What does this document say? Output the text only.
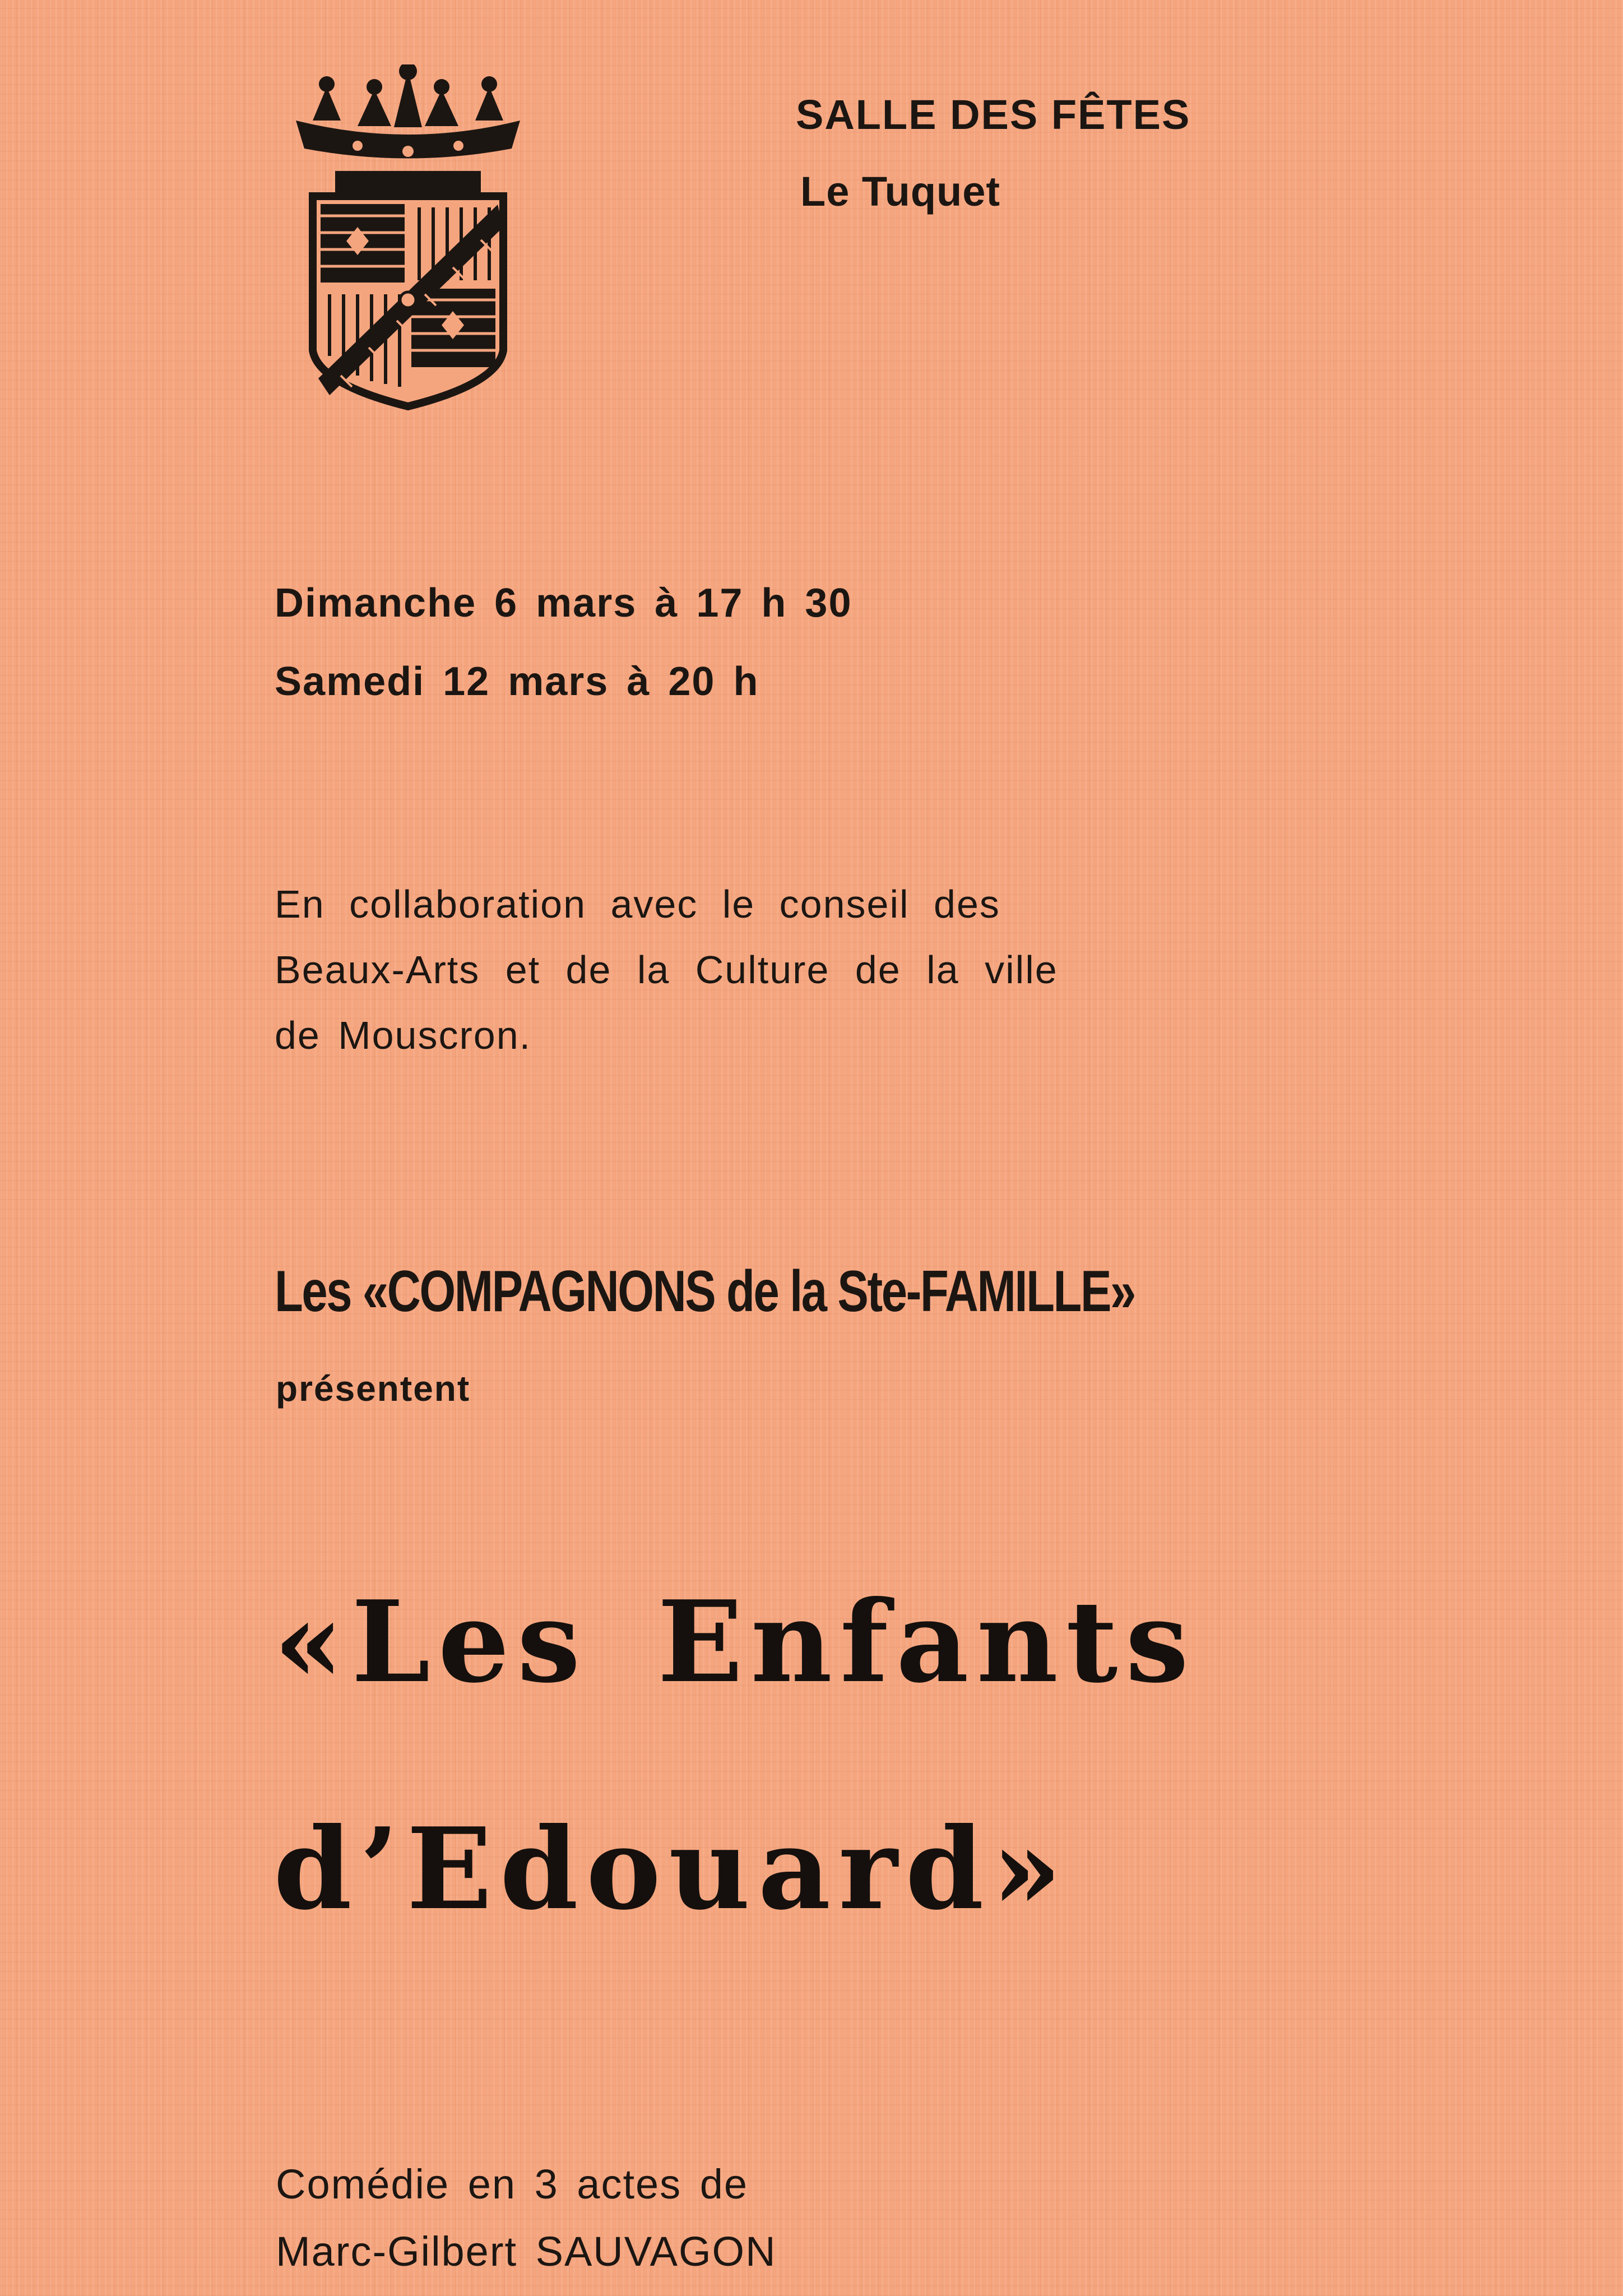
SALLE DES FÊTES
Le Tuquet
Dimanche 6 mars à 17 h 30
Samedi 12 mars à 20 h
En collaboration avec le conseil des
Beaux-Arts et de la Culture de la ville
de Mouscron.
Les «COMPAGNONS de la Ste-FAMILLE»
présentent
«Les Enfants
d’Edouard»
Comédie en 3 actes de
Marc-Gilbert SAUVAGON
